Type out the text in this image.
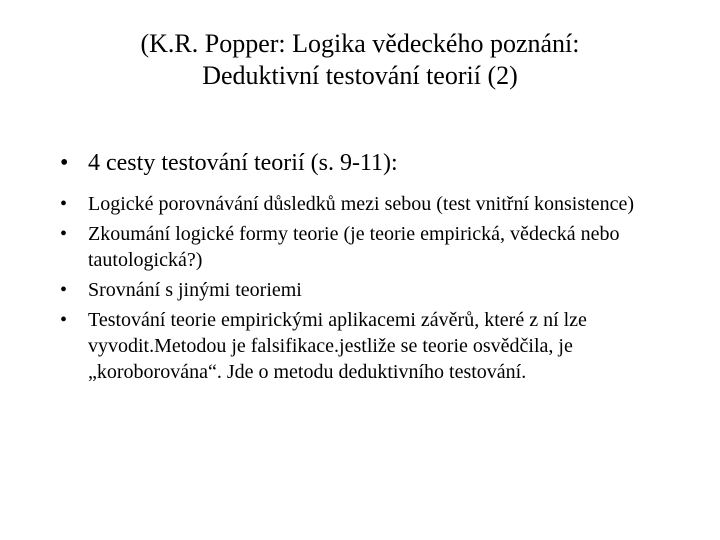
(K.R. Popper: Logika vědeckého poznání:
Deduktivní testování teorií (2)
• 4 cesty testování teorií (s. 9-11):
• Logické porovnávání důsledků mezi sebou (test vnitřní konsistence)
• Zkoumání logické formy teorie (je teorie empirická, vědecká nebo tautologická?)
• Srovnání s jinými teoriemi
• Testování teorie empirickými aplikacemi závěrů, které z ní lze vyvodit.Metodou je falsifikace.jestliže se teorie osvědčila, je „koroborována“. Jde o metodu deduktivního testování.
